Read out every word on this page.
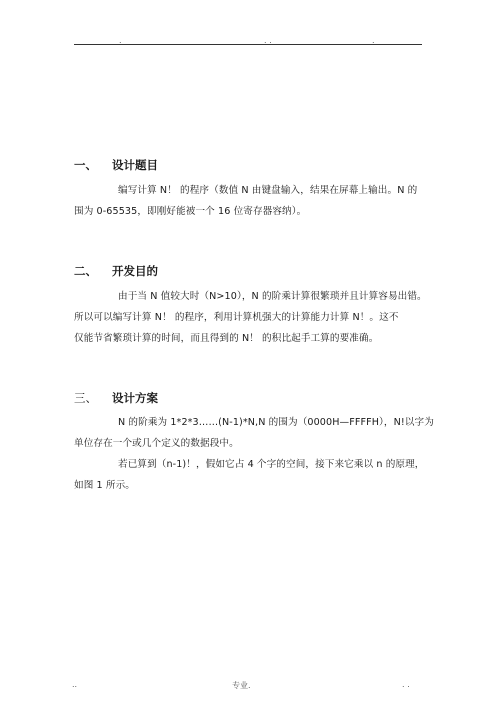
.	. .	.
一、 设计题目
编写计算 N！ 的程序（数值 N 由键盘输入，结果在屏幕上输出。N 的
围为 0-65535，即刚好能被一个 16 位寄存器容纳）。
二、 开发目的
由于当 N 值较大时（N>10），N 的阶乘计算很繁琐并且计算容易出错。
所以可以编写计算 N！ 的程序，利用计算机强大的计算能力计算 N！。这不
仅能节省繁琐计算的时间，而且得到的 N！ 的积比起手工算的要准确。
三、 设计方案
N 的阶乘为 1*2*3……(N-1)*N,N 的围为（0000H—FFFFH），N!以字为
单位存在一个或几个定义的数据段中。
若已算到（n-1)！，假如它占 4 个字的空间，接下来它乘以 n 的原理，
如图 1 所示。
..	专业.	. .
